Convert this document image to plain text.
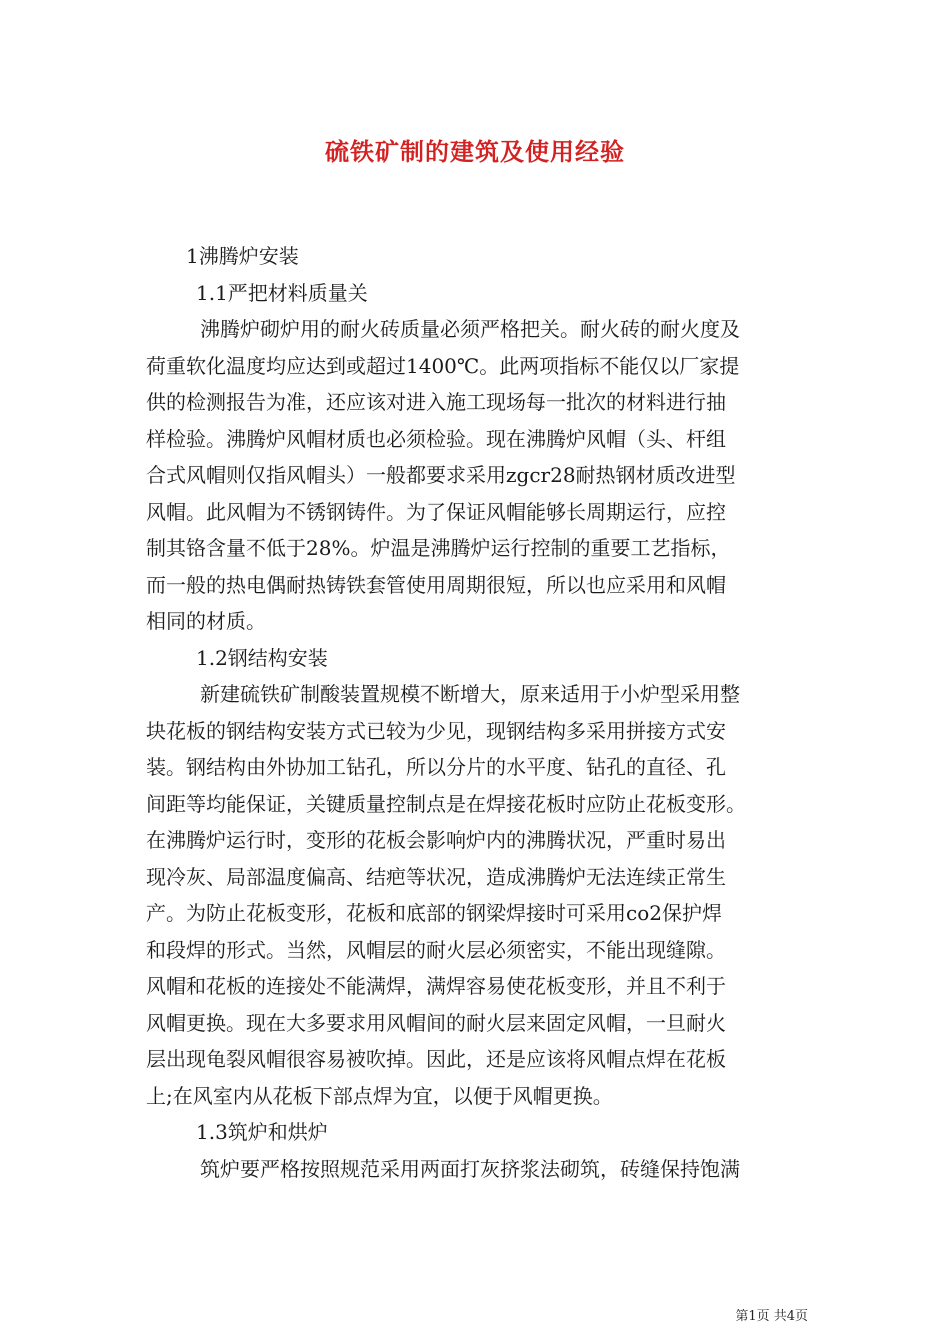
硫铁矿制的建筑及使用经验
1沸腾炉安装
1.1严把材料质量关
沸腾炉砌炉用的耐火砖质量必须严格把关。耐火砖的耐火度及
荷重软化温度均应达到或超过1400℃。此两项指标不能仅以厂家提
供的检测报告为准，还应该对进入施工现场每一批次的材料进行抽
样检验。沸腾炉风帽材质也必须检验。现在沸腾炉风帽（头、杆组
合式风帽则仅指风帽头）一般都要求采用zgcr28耐热钢材质改进型
风帽。此风帽为不锈钢铸件。为了保证风帽能够长周期运行，应控
制其铬含量不低于28%。炉温是沸腾炉运行控制的重要工艺指标，
而一般的热电偶耐热铸铁套管使用周期很短，所以也应采用和风帽
相同的材质。
1.2钢结构安装
新建硫铁矿制酸装置规模不断增大，原来适用于小炉型采用整
块花板的钢结构安装方式已较为少见，现钢结构多采用拼接方式安
装。钢结构由外协加工钻孔，所以分片的水平度、钻孔的直径、孔
间距等均能保证，关键质量控制点是在焊接花板时应防止花板变形。
在沸腾炉运行时，变形的花板会影响炉内的沸腾状况，严重时易出
现冷灰、局部温度偏高、结疤等状况，造成沸腾炉无法连续正常生
产。为防止花板变形，花板和底部的钢梁焊接时可采用co2保护焊
和段焊的形式。当然，风帽层的耐火层必须密实，不能出现缝隙。
风帽和花板的连接处不能满焊，满焊容易使花板变形，并且不利于
风帽更换。现在大多要求用风帽间的耐火层来固定风帽，一旦耐火
层出现龟裂风帽很容易被吹掉。因此，还是应该将风帽点焊在花板
上;在风室内从花板下部点焊为宜，以便于风帽更换。
1.3筑炉和烘炉
筑炉要严格按照规范采用两面打灰挤浆法砌筑，砖缝保持饱满
第1页 共4页
